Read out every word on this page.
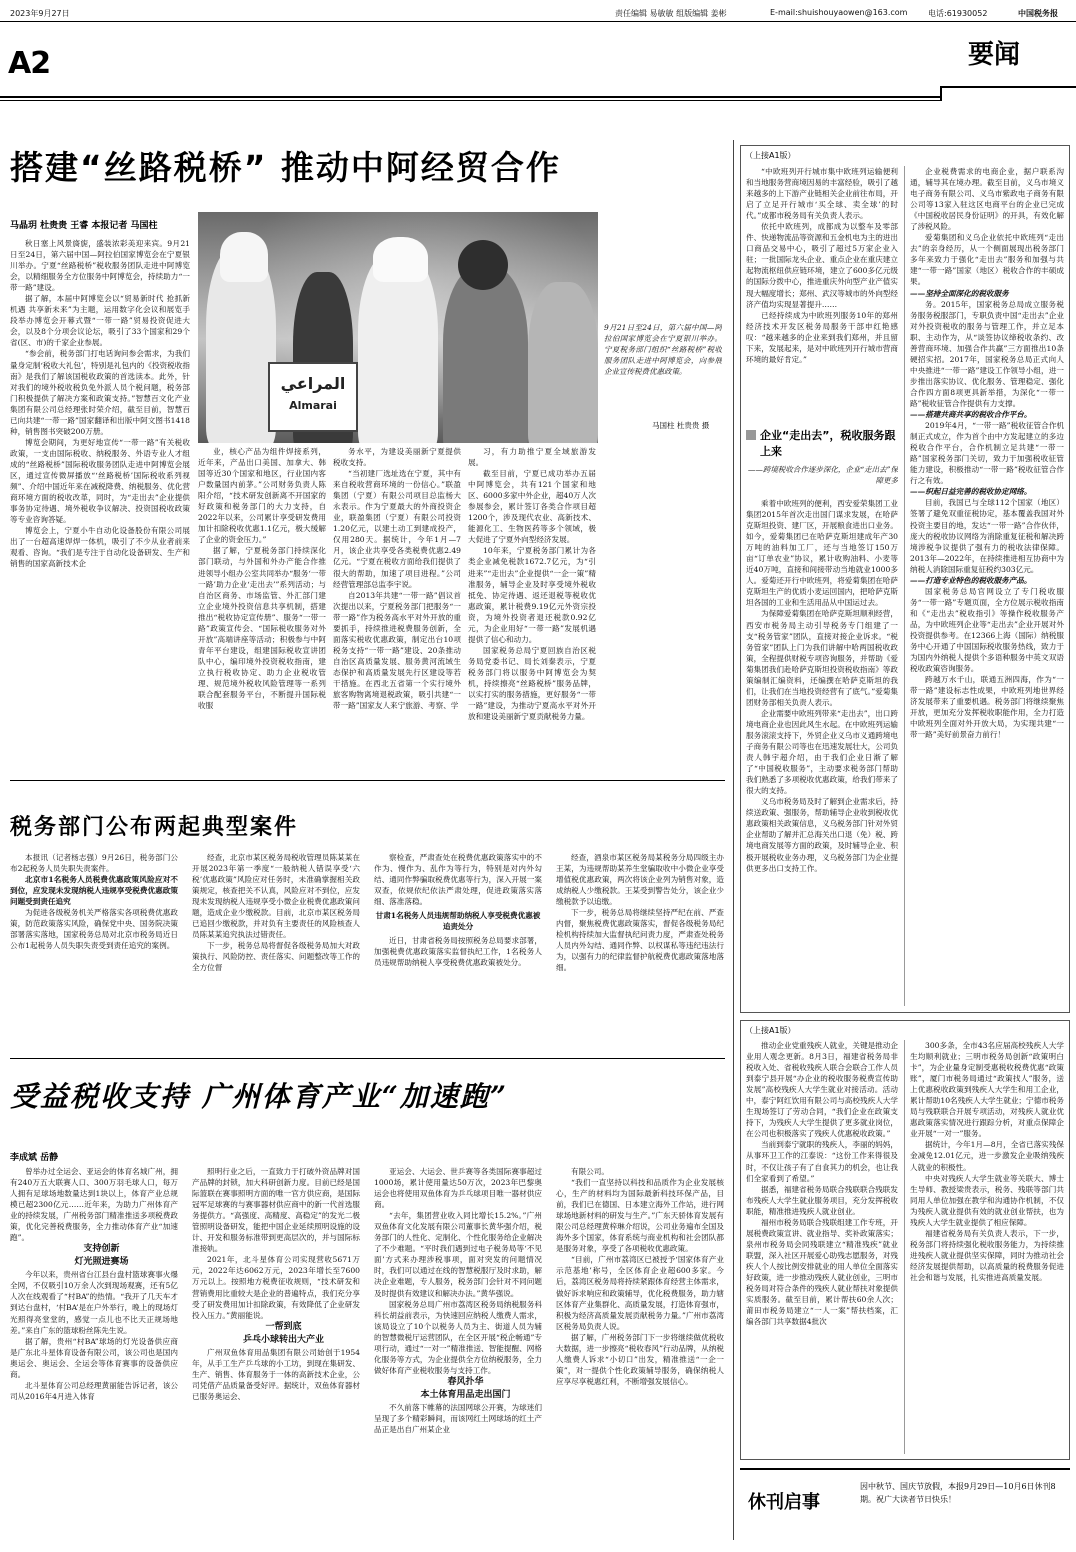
2023年9月27日	责任编辑 易敏敏 组版编辑 姜彬	E-mail:shuishouyaowen@163.com	电话:61930052	中国税务报
A2	要闻
搭建“丝路税桥” 推动中阿经贸合作
马晶玥 杜贵贵 王睿 本报记者 马国柱

秋日塞上风景旖旎，盛装浓彩美迎来宾。9月21日至24日，第六届中国—阿拉伯国家博览会在宁夏银川举办。宁夏“丝路税桥”税收服务团队走进中阿博览会，以精细服务全方位服务中阿博览会，持续助力“一带一路”建设。

据了解，本届中阿博览会以“贸易新时代 抢抓新机遇 共享新未来”为主题，运用数字化会议和展览手段举办博览会开幕式暨“一带一路”贸易投资促进大会，以及8个分项会议论坛，吸引了33个国家和29个省(区、市)的千家企业参展。

“参会前，税务部门打电话询问参会需求，为我们量身定制‘税收大礼包’，特别是礼包内的《投资税收指南》是我们了解该国税收政策的首选读本。此外，针对我们的境外税收税负免外派人员个税问题，税务部门积极提供了解决方案和政策支持。”智慧百文化产业集团有限公司总经理张时荣介绍，截至目前，智慧百已向共建“一带一路”国家翻译和出版中阿文图书1418种，销售图书突破200万册。

博览会期间，为更好地宣传“一带一路”有关税收政策，一支由国际税收、纳税服务、外语专业人才组成的“丝路税桥”国际税收服务团队走进中阿博览会展区，通过宣传微屏播放“‘丝路税桥’国际税收系列视频”、介绍中国近年来在减税降费、纳税服务、优化营商环境方面的税收改革，同时，为“走出去”企业提供事务协定待遇、境外税收争议解决、投资国税收政策等专业咨询答疑。

博览会上，宁夏小牛自动化设备股份有限公司展出了一台超高速焊焊一体机，吸引了不少从业者前来观看、咨询。“我们是专注于自动化设备研发、生产和销售的国家高新技术企

المراعي
Almarai
9月21日至24日，第六届中国—阿拉伯国家博览会在宁夏银川举办。宁夏税务部门组织“丝路税桥”税收服务团队走进中阿博览会，向参展企业宣传税费优惠政策。
马国柱 杜贵贵 摄

业，核心产品为组件焊接系列，近年来，产品出口美国、加拿大、韩国等近30个国家和地区，行业国内客户数量国内前茅。”公司财务负责人陈阳介绍，“技术研发创新离不开国家的好政策和税务部门的大力支持，自2022年以来，公司累计享受研发费用加计扣除税收优惠1.1亿元，极大缓解了企业的资金压力。”

据了解，宁夏税务部门持续深化部门联动，与外国和外办产能合作推进领导小组办公室共同举办“服务‘一带一路’助力企业‘走出去’”系列活动；与自治区商务、市场监管、外汇部门建立企业境外投资信息共享机制，搭建推出“税收协定宣传册”、服务“一带一路”政策宣传会、“国际税收服务对外开放”高端讲座等活动；积极参与中阿青年平台建设，组建国际税收宣讲团队中心，编印境外投资税收指南，建立执行税收协定、助力企业税收管理、规范境外税收风险管理等一系列联合配套服务平台，不断提升国际税收服

务水平，为建设美丽新宁夏提供税收支持。

“当初建厂选址选在宁夏，其中有来自税收营商环境的一份信心。”联盈集团（宁夏）有限公司项目总监杨大永表示。作为宁夏最大的外商投资企业，联盈集团（宁夏）有限公司投资1.20亿元，以建土动工到建成投产，仅用280天。据统计，今年1月—7月，该企业共享受各类税费优惠2.49亿元。“宁夏在税收方面给我们提供了很大的帮助，加速了项目进程。”公司经营管理部总监李宇说。

自2013年共建“一带一路”倡议首次提出以来，宁夏税务部门把服务“一带一路”作为税务高水平对外开放的重要抓手，持续推进税费服务创新，全面落实税收优惠政策，制定出台10项税务支持“一带一路”建设、20条推动自治区高质量发展、服务黄河流域生态保护和高质量发展先行区建设等若干措施。在西北五省第一个实行境外旅客购物离境退税政策，吸引共建“一带一路”国家友人来宁旅游、考察、学

习，有力助推宁夏全域旅游发展。

截至目前，宁夏已成功举办五届中阿博览会，共有121个国家和地区、6000多家中外企业，超40万人次参展参会，累计签订各类合作项目超1200个，涉及现代农业、高新技术、能源化工、生物医药等多个领域，极大促进了宁夏外向型经济发展。

10年来，宁夏税务部门累计为各类企业减免税款1672.7亿元，为“引进来”“走出去”企业提供“一企一策”精准服务，辅导企业及时享受境外税收抵免、协定待遇、返还退税等税收优惠政策，累计税费9.19亿元外资宗投资，为境外投资者退还税款0.92亿元，为企业用好“一带一路”发展机遇提供了信心和动力。

国家税务总局宁夏回族自治区税务局党委书记、局长刘秦表示，宁夏税务部门将以服务中阿博览会为契机，持续擦亮“丝路税桥”服务品牌，以实打实的服务措施，更好服务“一带一路”建设，为推动宁夏高水平对外开放和建设美丽新宁夏贡献税务力量。

税务部门公布两起典型案件

本报讯（记者杨志强）9月26日，税务部门公布2起税务人员失职失责案件。

北京市1名税务人员税费优惠政策风险应对不到位，应发现未发现纳税人违规享受税费优惠政策问题受到责任追究

为促进各级税务机关严格落实各项税费优惠政策，防范政策落实风险，确保党中央、国务院决策部署落实落地，国家税务总局对北京市税务局近日公布1起税务人员失职失责受到责任追究的案例。

经查，北京市某区税务局税收管理员陈某某在开展2023年第一季度“一般纳税人错误享受‘六税’优惠政策”风险应对任务时，未准确掌握相关政策规定，核查把关不认真，风险应对不到位，应发现未发现纳税人违规享受小微企业税费优惠政策问题，造成企业少缴税款。目前，北京市某区税务局已追回少缴税款，并对负有主要责任的风险核查人员陈某某追究执法过错责任。

下一步，税务总局将督促各级税务局加大对政策执行、风险防控、责任落实、问题整改等工作的全方位督

察检查，严肃查处在税费优惠政策落实中的不作为、慢作为、乱作为等行为，特别是对内外勾结、通同作弊骗取税费优惠等行为，深入开展一案双查，依规依纪依法严肃处理，促进政策落实落细、落准落稳。

甘肃1名税务人员违规帮助纳税人享受税费优惠被追责处分

近日，甘肃省税务局按照税务总局要求部署，加强税费优惠政策落实监督执纪工作，1名税务人员违规帮助纳税人享受税费优惠政策被处分。

经查，酒泉市某区税务局某税务分局四级主办王某，为违规帮助某养生堂骗取收中小微企业享受增值税优惠政策，两次将该企业列为销售对象，造成纳税人少缴税款。王某受到警告处分，该企业少缴税款予以追缴。

下一步，税务总局将继续坚持严纪在前、严查内督，聚焦税费优惠政策落实，督促各级税务局纪检机构持续加大监督执纪问责力度，严肃查处税务人员内外勾结、通同作弊、以权谋私等违纪违法行为，以强有力的纪律监督护航税费优惠政策落地落细。

受益税收支持 广州体育产业“加速跑”
李成斌 岳静

曾举办过全运会、亚运会的体育名城广州，拥有240万五大联赛人口、300万羽毛球人口，每万人拥有足球场地数量达到1块以上，体育产业总规模已超2300亿元……近年来，为助力广州体育产业的持续发展，广州税务部门精准推送多项税费政策，优化完善税费服务，全力推动体育产业“加速跑”。

支持创新
灯光照进赛场

今年以来，贵州省台江县台盘村篮球赛事火爆全网，不仅吸引10万余人次到现场观赛，还有5亿人次在线观看了“村BA”的热情。“我开了几天车才到达台盘村，‘村BA’是在户外举行，晚上的现场灯光照得亮堂堂的，感觉一点儿也不比天正规场地差。”来自广东的篮球粉丝陈先生说。

据了解，贵州“村BA”球场的灯光设备供应商是广东北斗星体育设备有限公司，该公司也是国内奥运会、奥运会、全运会等体育赛事的设备供应商。

北斗星体育公司总经理黄丽能告诉记者，该公司从2016年4月进入体育

照明行业之后，一直致力于打破外资品牌对国产品牌的封锁，加大科研创新力度。目前已经是国际篮联在赛事照明方面的唯一官方供应商，是国际冠军足球赛的与赛事器材供应商中的新一代首选服务提供方。“高强度、高精度、高稳定”的发光二极管照明设备研发，能把中国企业延续照明设施的设计、开发和服务标准带到更高层次的，并与国际标准接轨。

2021年，北斗星体育公司实现营收5671万元，2022年达6062万元，2023年增长至7600万元以上。按照地方税费征收规则，“技术研发和营销费用比重较大是企业的普遍特点，我们充分享受了研发费用加计扣除政策，有效降低了企业研发投入压力。”黄丽能说。

一帮到底
乒乓小球转出大产业

广州双鱼体育用品集团有限公司始创于1954年，从手工生产乒乓球的小工坊，到现在集研发、生产、销售、体育服务于一体的高新技术企业，公司凭借产品质量备受好评。据统计，双鱼体育器材已服务奥运会、

亚运会、大运会、世乒赛等各类国际赛事超过1000场，累计使用量达50万次，2023年巴黎奥运会也将使用双鱼体育为乒乓球项目唯一器材供应商。

“去年，集团营业收入同比增长15.2%。”广州双鱼体育文化发展有限公司董事长黄华强介绍，税务部门的人性化、定制化、个性化服务给企业解决了不少难题。“平时我们遇到过电子税务局等‘不见面’方式来办理涉税事项，面对突发的问题情况时，我们可以通过在线的智慧税服厅及时求助，解决企业难题，专人服务，税务部门会针对不同问题及时提供有效建议和解决办法。”黄华强说。

国家税务总局广州市荔湾区税务局纳税服务科科长胡益前表示，为快速回应纳税人缴费人需求，该局设立了10个以税务人员为主、街道人员为辅的智慧微税厅运营团队，在全区开展“税企畅通”专项行动，通过“一对一”精准推送、智能提醒、网格化服务等方式，为企业提供全方位纳税服务，全力做好体育产业税收服务与支持工作。

春风扑华
本土体育用品走出国门

不久前落下帷幕的法国网球公开赛，为球迷们呈现了多个精彩瞬间，而该网红土网球场的红土产品正是出自广州某企业

有限公司。

“我们一直坚持以科技和品质作为企业发展核心，生产的材料均为国际最新科技环保产品，目前，我们已在德国、日本建立海外工作站，进行网球场地新材料的研发与生产。”广东天骄体育发展有限公司总经理黄梓琳介绍说，公司业务遍布全国及海外多个国家，体育系统与商业机构和社会团队都是服务对象，享受了各项税收优惠政策。

“目前，广州市荔湾区已被授予‘国家体育产业示范基地’称号，全区体育企业超600多家。今后，荔湾区税务局将持续紧跟体育经营主体需求，做好诉求响应和政策辅导，优化税费服务，助力辖区体育产业集群化、高质量发展，打造体育强市，积极为经济高质量发展贡献税务力量。”广州市荔湾区税务局负责人说。

据了解，广州税务部门下一步将继续做优税收大数据，进一步擦亮“税收春风”行动品牌，从纳税人缴费人诉求“小切口”出发，精准推送“一企一策”，对一提供个性化政策辅导服务，确保纳税人应享尽享税惠红利，不断增强发展信心。

（上接A1版）

“中欧班列开行城市集中欧班列运输便利和当地服务营商境因易的丰富经验，吸引了越来越多的上下游产业链相关企业前往布局，开启了立足开行城市‘买全球、卖全球’的时代。”成都市税务局有关负责人表示。

依托中欧班列，成都成为以整车及零部件、快递物流品等资源和五金机电为主的进出口商品交易中心，吸引了超过5万家企业入驻；一批国际龙头企业、重点企业在重庆建立起物流枢纽供应链环境，建立了600多亿元级的国际分拨中心，推进重庆外向型产业产值实现大幅度增长；郑州、武汉等城市的外向型经济产值均实现显著提升……

已经持续成为中欧班列服务10年的郑州经济技术开发区税务局服务干部申红艳感叹：“越来越多的企业来到我们郑州，并且留下来，发展起来，是对中欧班列开行城市营商环境的最好肯定。”

企业“走出去”，税收服务跟上来
——跨境税收合作逐步深化，企业“走出去”保障更多

乘着中欧班列的便利，西安爱荣集团工业集团2015年首次走出国门谋求发展，在哈萨克斯坦投资、建厂区，开展粮食进出口业务。如今，爱菊集团已在哈萨克斯坦建成年产30万吨的油料加工厂，还与当地签订150万亩“订单农业”协议，累计收购油料、小麦等近40万吨，直接和间接带动当地就业1000多人。爱菊还开行中欧班列，将爱菊集团在哈萨克斯坦生产的优质小麦运回国内，把哈萨克斯坦各国的工业和生活用品从中国运过去。

为保障爱菊集团在哈萨克斯坦顺利经营，西安市税务局主动引导税务专门组建了一支“税务管家”团队，直接对接企业诉求。“税务管家”团队上门为我们讲解中哈两国税收政策，全程提供财税专项咨询服务，并帮助《爱菊集团我们赴哈萨克斯坦投资税收指南》等政策编制汇编资料，还编撰在哈萨克斯坦的我们，让我们在当地投资经营有了底气。”爱菊集团财务部相关负责人表示。

企业需要中欧班列带来“走出去”，出口跨境电商企业也因此风生水起。在中欧班列运输服务滚滚支持下，外贸企业义乌市义通跨境电子商务有限公司等也在迅速发展壮大，公司负责人韩宇超介绍，由于我们企业日渐了解了“中国税收服务”，主动要求税务部门帮助我们熟悉了多项税收优惠政策，给我们带来了很大的支持。

义乌市税务局及时了解到企业需求后，持续送政策、强服务，帮助辅导企业收到税收优惠政策相关政策信息，义乌税务部门针对外贸企业帮助了解并汇总海关出口退（免）税、跨境电商发展等方面的政策，及时辅导企业、积极开展税收业务办理，义乌税务部门为企业提供更多出口支持工作。

企业税费需求的电商企业，据户联系沟通，辅导其在境办理。截至目前，义乌市境义电子商务有限公司、义乌市紫政电子商务有限公司等13家入驻这区电商平台的企业已完成《中国税收居民身份证明》的开具，有效化解了涉税风险。

爱菊集团和义乌企业依托中欧班列“走出去”的亲身经历，从一个侧面展现出税务部门多年来致力于强化“走出去”服务和加强与共建“一带一路”国家（地区）税收合作的丰硕成果。

——坚持全面深化的税收服务

务。2015年，国家税务总局成立服务税务服务税服部门，专职负责中国“走出去”企业对外投资税收的服务与管理工作，并立足本职、主动作为，从“谈签协议缔税收条约、改善营商环境、加强合作共赢”三方面推出10条硬招实招。2017年，国家税务总局正式向人中央推进“一带一路”建设工作领导小组，进一步推出落实协议、优化服务、管理稳定、强化合作四方面8项更具新举措，为深化“一带一路”税收征管合作提供有力支撑。

——搭建共商共享的税收合作平台。

2019年4月，“一带一路”税收征管合作机制正式成立，作为首个由中方发起建立的多边税收合作平台，合作机制立足共建“一带一路”国家税务部门关切，致力于加强税收征管能力建设，积极推动“一带一路”税收征管合作行之有效。

——织起日益完善的税收协定网络。

目前，我国已与全球112个国家（地区）签署了避免双重征税协定，基本覆盖我国对外投资主要目的地，发达“一带一路”合作伙伴，庞大的税收协议网络为消除重复征税和解决跨境涉税争议提供了强有力的税收法律保障。2013年—2022年，在持续推进相互协商中为纳税人消除国际重复征税约303亿元。

——打造专业特色的税收服务产品。

国家税务总局官网设立了专门税收服务“一带一路”专题页面，全方位展示税收指南和《“走出去”税收指引》等操作税收服务产品，为中欧班列企业等“走出去”企业开展对外投资提供参考。在12366上海（国际）纳税服务中心开通了中国国际税收服务热线，致力于为国内外纳税人提供个多语种服务中英文双语税收政策咨询服务。

跨越万水千山，联通五洲四海，作为“一带一路”建设标志性成果，中欧班列地世界经济发展带来了重要机遇。税务部门将继续聚焦开放，更加充分发挥税收职能作用，全力打造中欧班列全面对外开放大局，为实现共建“一带一路”美好前景奋力前行！

（上接A1版）

推动企业党重残疾人就业，关键是推动企业用人观念更新。8月3日，福建省税务局非税收入处、省税收残疾人联合会联合工作人员到泰宁县开展“办企业的税收服务税费宣传助发展”高校残疾人大学生就业对接活动。活动中，泰宁阿红饮用有限公司与高校残疾人大学生现场签订了劳动合同，“我们企业在政策支持下，为残疾人大学生提供了更多就业岗位，在公司也积极落实了残疾人优惠税收政策。”

当前到泰宁就职的残疾人，李丽的妈妈，从事环卫工作的江泰说：“这份工作来得很及时，不仅让孩子有了自食其力的机会，也让我们全家看到了希望。”

据悉，福建省税务局联合残联联合残联发布残疾人大学生就业服务项目，充分发挥税收职能，精准推进残疾人就业创业。

福州市税务局联合残联组建工作专班，开展税费政策宣讲、就业指导、奖补政策落实；泉州市税务局会同残联建立“精准残疾”就业联盟，深入社区开展爱心助残志愿服务，对残疾人个人按比例安排就业的用人单位全面落实好政策，进一步推动残疾人就业创业，三明市税务局对符合条件的残疾人就业帮扶对象提供实质服务。截至目前，累计帮扶60余人次；莆田市税务局建立“一人一案”帮扶档案，汇编各部门共享数据4批次

300多条，全市43名应届高校残疾人大学生均顺利就业；三明市税务局创新“政策明白卡”，为企业量身定制受惠税收税费优惠“政策账”，厦门市税务局通过“政策找人”服务，送上优惠税收政策到残疾人大学生和用工企业，累计帮助10名残疾人大学生就业；宁德市税务局与残联联合开展专项活动，对残疾人就业优惠政策落实情况进行跟踪分析，对重点保障企业开展“一对一”服务。

据统计，今年1月—8月，全省已落实残保金减免12.01亿元，进一步激发企业吸纳残疾人就业的积极性。

中央对残疾人大学生就业等关联大、博士生导师、教授梁贵表示，税务、残联等部门共同用人单位加强在教学和沟通协作机制，不仅为残疾人就业提供有效的就业创业帮扶，也为残疾人大学生就业提供了相应保障。

福建省税务局有关负责人表示，下一步，税务部门将持续强化税收服务能力，为持续推进残疾人就业提供坚实保障，同时为推动社会经济发展提供帮助，以高质量的税费服务促进社会和谐与发展，扎实推进高质量发展。

休刊启事
因中秋节、国庆节放假，本报9月29日—10月6日休刊8期。祝广大读者节日快乐！
